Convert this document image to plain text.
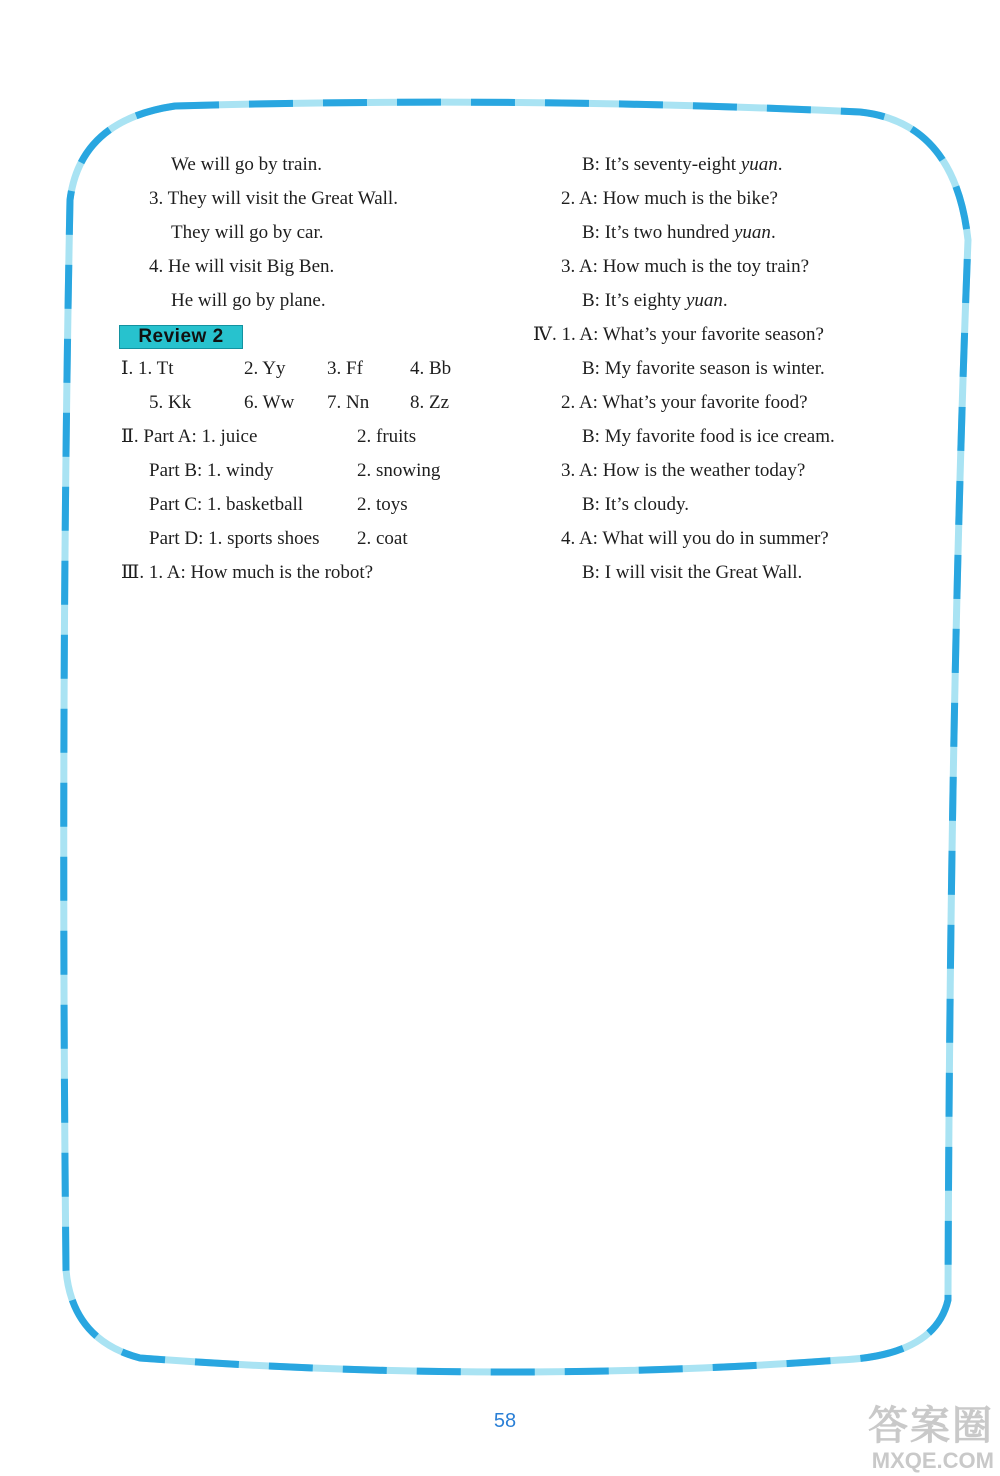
We will go by train.
3. They will visit the Great Wall.
They will go by car.
4. He will visit Big Ben.
He will go by plane.
Review 2
Ⅰ. 1. Tt	2. Yy 3. Ff 4. Bb
5. Kk	6. Ww 7. Nn 8. Zz
Ⅱ. Part A: 1. juice	2. fruits
Part B: 1. windy	2. snowing
Part C: 1. basketball	2. toys
Part D: 1. sports shoes 2. coat
Ⅲ. 1. A: How much is the robot?
B: It’s seventy-eight yuan.
2. A: How much is the bike?
B: It’s two hundred yuan.
3. A: How much is the toy train?
B: It’s eighty yuan.
Ⅳ. 1. A: What’s your favorite season?
B: My favorite season is winter.
2. A: What’s your favorite food?
B: My favorite food is ice cream.
3. A: How is the weather today?
B: It’s cloudy.
4. A: What will you do in summer?
B: I will visit the Great Wall.
58	答案圈
MXQE.COM
